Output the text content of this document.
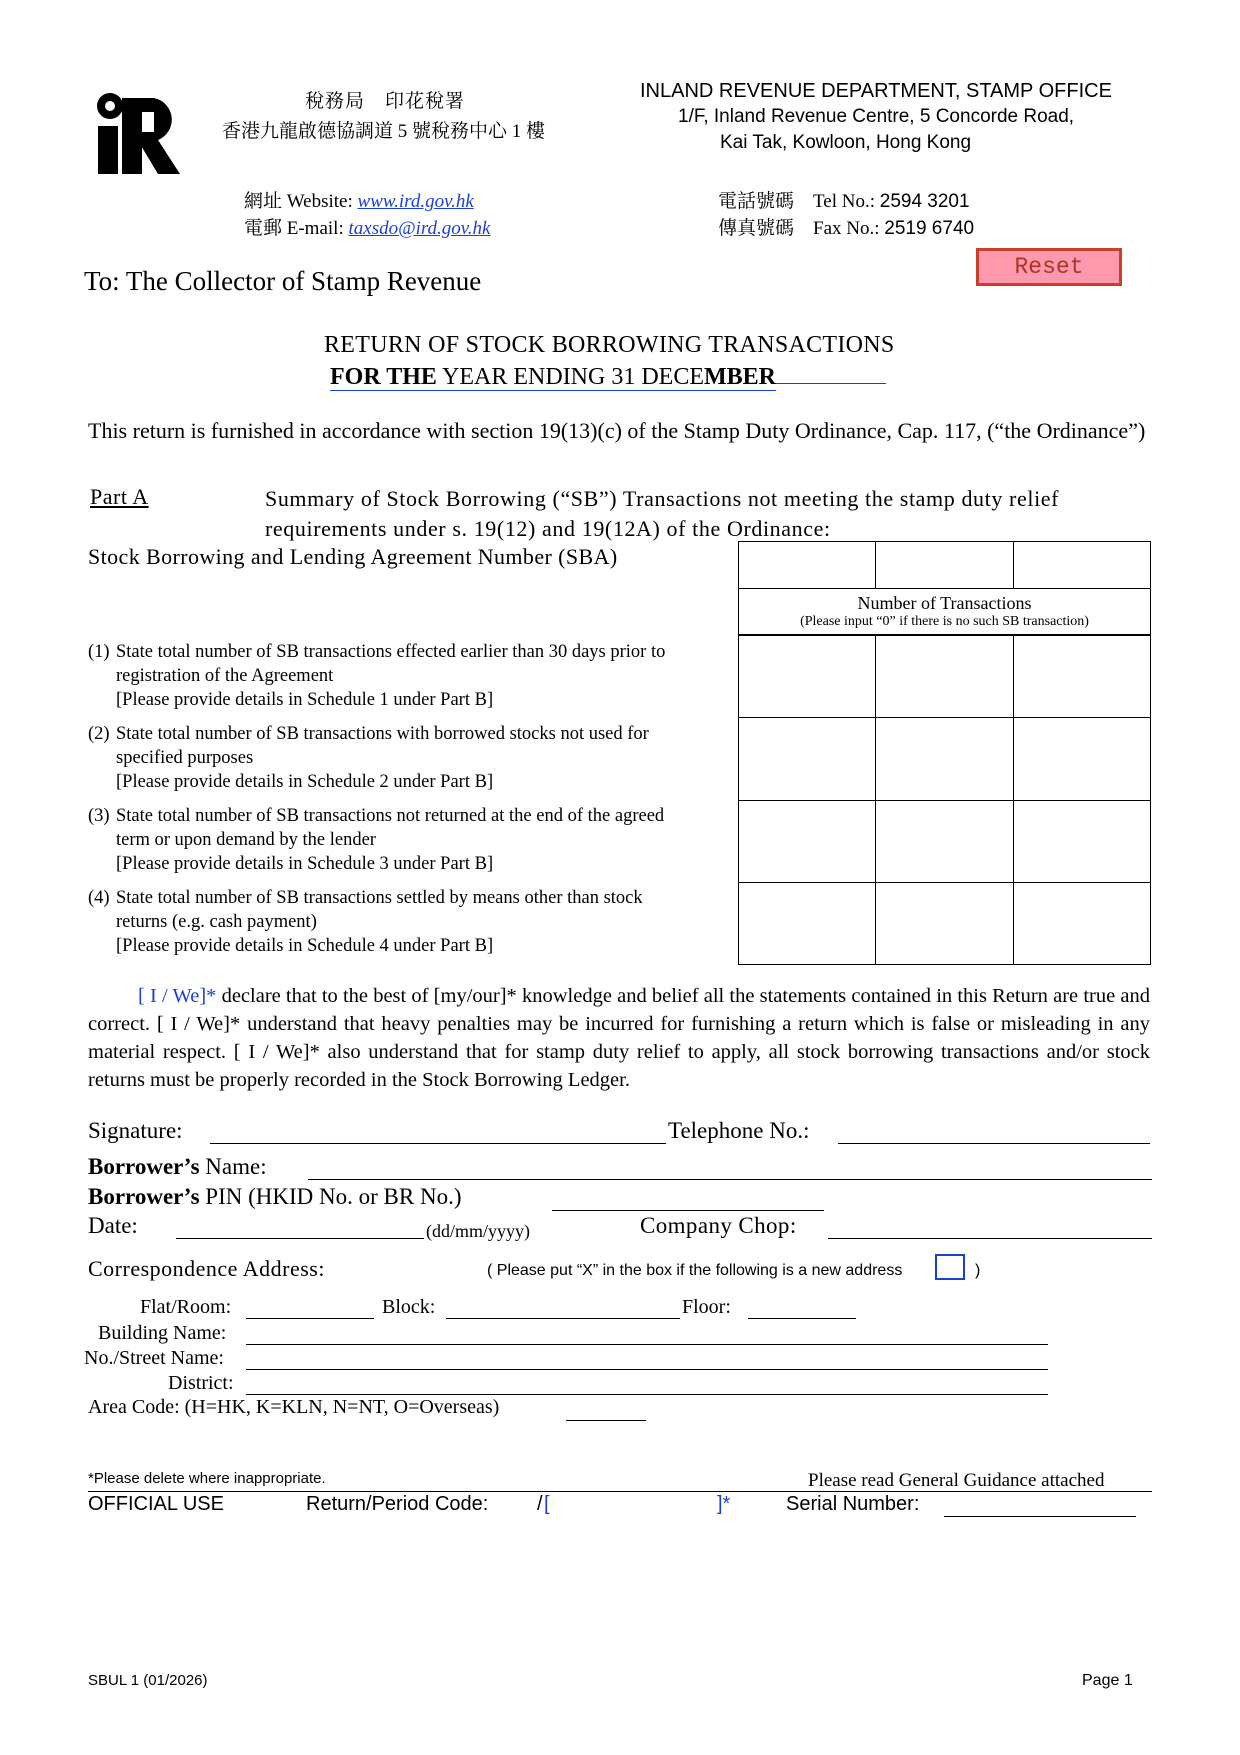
稅務局　印花稅署
香港九龍啟德協調道 5 號稅務中心 1 樓
INLAND REVENUE DEPARTMENT, STAMP OFFICE
1/F, Inland Revenue Centre, 5 Concorde Road,
Kai Tak, Kowloon, Hong Kong
網址 Website: www.ird.gov.hk
電郵 E-mail: taxsdo@ird.gov.hk
電話號碼　Tel No.: 2594 3201
傳真號碼　Fax No.: 2519 6740
To: The Collector of Stamp Revenue	Reset
RETURN OF STOCK BORROWING TRANSACTIONS
FOR THE YEAR ENDING 31 DECEMBER
This return is furnished in accordance with section 19(13)(c) of the Stamp Duty Ordinance, Cap. 117, (“the Ordinance”)
Part A	Summary of Stock Borrowing (“SB”) Transactions not meeting the stamp duty relief requirements under s. 19(12) and 19(12A) of the Ordinance:
Stock Borrowing and Lending Agreement Number (SBA)

Number of Transactions
(Please input “0” if there is no such SB transaction)

(1) State total number of SB transactions effected earlier than 30 days prior to
registration of the Agreement
[Please provide details in Schedule 1 under Part B]
(2) State total number of SB transactions with borrowed stocks not used for
specified purposes
[Please provide details in Schedule 2 under Part B]
(3) State total number of SB transactions not returned at the end of the agreed
term or upon demand by the lender
[Please provide details in Schedule 3 under Part B]
(4) State total number of SB transactions settled by means other than stock
returns (e.g. cash payment)
[Please provide details in Schedule 4 under Part B]
[ I / We]* declare that to the best of [my/our]* knowledge and belief all the statements contained in this Return are true and correct. [ I / We]* understand that heavy penalties may be incurred for furnishing a return which is false or misleading in any material respect. [ I / We]* also understand that for stamp duty relief to apply, all stock borrowing transactions and/or stock returns must be properly recorded in the Stock Borrowing Ledger.
Signature:	Telephone No.:
Borrower’s Name:
Borrower’s PIN (HKID No. or BR No.)
Date:	(dd/mm/yyyy)	Company Chop:
Correspondence Address:	( Please put “X” in the box if the following is a new address	)
Flat/Room:	Block:	Floor:
Building Name:
No./Street Name:
District:
Area Code: (H=HK, K=KLN, N=NT, O=Overseas)
*Please delete where inappropriate.	Please read General Guidance attached
OFFICIAL USE	Return/Period Code: / [	]*	Serial Number:
SBUL 1 (01/2026)	Page 1
